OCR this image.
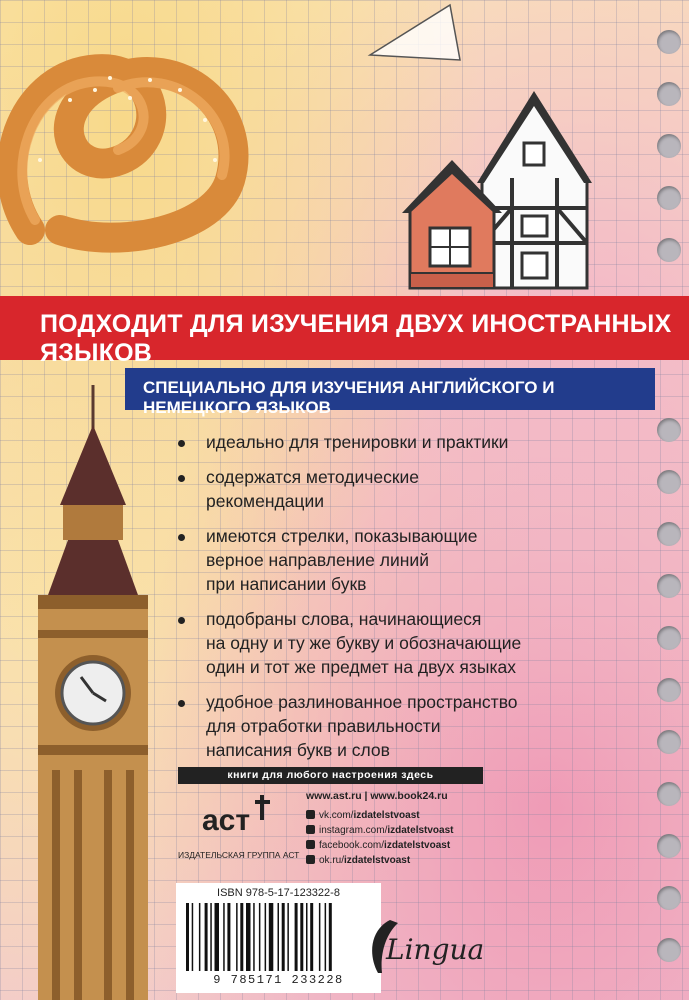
ПОДХОДИТ ДЛЯ ИЗУЧЕНИЯ ДВУХ ИНОСТРАННЫХ ЯЗЫКОВ
СПЕЦИАЛЬНО ДЛЯ ИЗУЧЕНИЯ АНГЛИЙСКОГО И НЕМЕЦКОГО ЯЗЫКОВ
идеально для тренировки и практики
содержатся методические
рекомендации
имеются стрелки, показывающие
верное направление линий
при написании букв
подобраны слова, начинающиеся
на одну и ту же букву и обозначающие
один и тот же предмет на двух языках
удобное разлинованное пространство
для отработки правильности
написания букв и слов
книги для любого настроения здесь
аст
ИЗДАТЕЛЬСКАЯ ГРУППА АСТ
www.ast.ru | www.book24.ru
vk.com/izdatelstvoast
instagram.com/izdatelstvoast
facebook.com/izdatelstvoast
ok.ru/izdatelstvoast
ISBN 978-5-17-123322-8
9 785171 233228
Lingua
